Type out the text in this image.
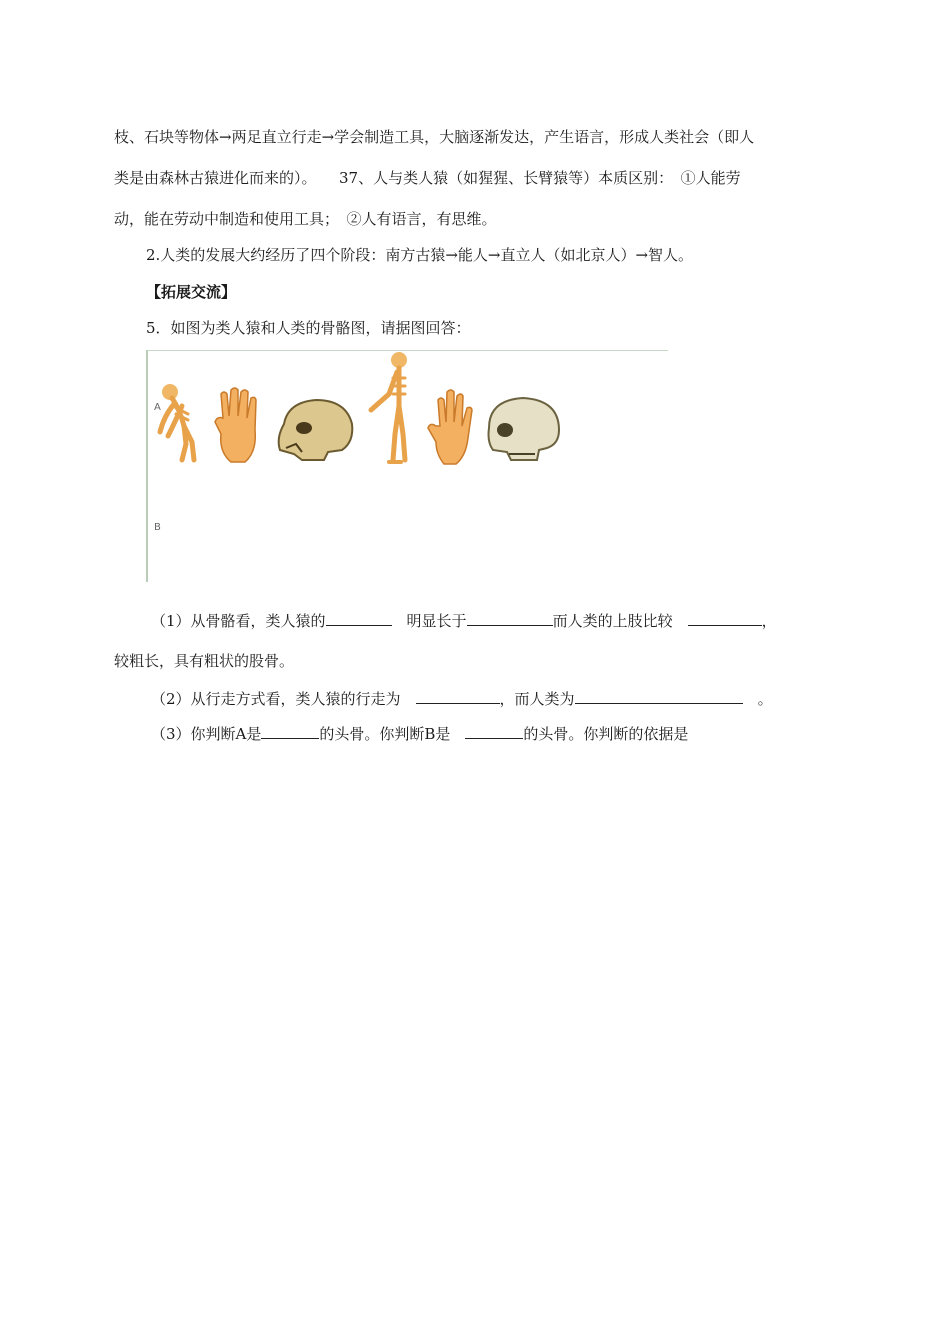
枝、石块等物体→两足直立行走→学会制造工具，大脑逐渐发达，产生语言，形成人类社会（即人
类是由森林古猿进化而来的）。　　37、人与类人猿（如猩猩、长臂猿等）本质区别：　①人能劳
动，能在劳动中制造和使用工具；　②人有语言，有思维。
2.人类的发展大约经历了四个阶段：南方古猿→能人→直立人（如北京人）→智人。
【拓展交流】
5．如图为类人猿和人类的骨骼图，请据图回答：
A
B

（1）从骨骼看，类人猿的	　明显长于	而人类的上肢比较　	，
较粗长，具有粗状的股骨。
（2）从行走方式看，类人猿的行走为　	，而人类为	　。
（3）你判断A是	的头骨。你判断B是　	的头骨。你判断的依据是
